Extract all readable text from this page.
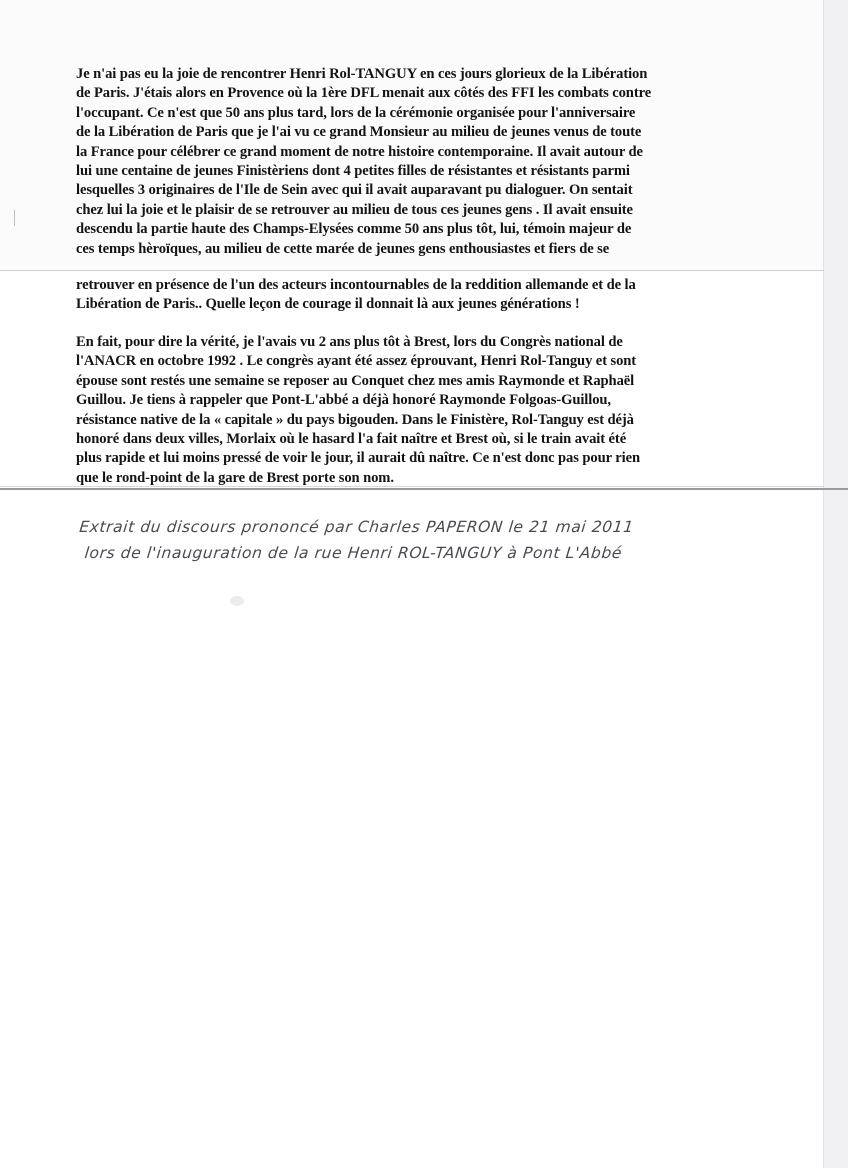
Je n'ai pas eu la joie de rencontrer Henri Rol-TANGUY en ces jours glorieux de la Libération
de Paris. J'étais alors en Provence où la 1ère DFL menait aux côtés des FFI les combats contre
l'occupant. Ce n'est que 50 ans plus tard, lors de la cérémonie organisée pour l'anniversaire
de la Libération de Paris que je l'ai vu ce grand Monsieur au milieu de jeunes venus de toute
la France pour célébrer ce grand moment de notre histoire contemporaine. Il avait autour de
lui une centaine de jeunes Finistèriens dont 4 petites filles de résistantes et résistants parmi
lesquelles 3 originaires de l'Ile de Sein avec qui il avait auparavant pu dialoguer. On sentait
chez lui la joie et le plaisir de se retrouver au milieu de tous ces jeunes gens . Il avait ensuite
descendu la partie haute des Champs-Elysées comme 50 ans plus tôt, lui, témoin majeur de
ces temps hèroïques, au milieu de cette marée de jeunes gens enthousiastes et fiers de se

retrouver en présence de l'un des acteurs incontournables de la reddition allemande et de la
Libération de Paris.. Quelle leçon de courage il donnait là aux jeunes générations !

En fait, pour dire la vérité, je l'avais vu 2 ans plus tôt à Brest, lors du Congrès national de
l'ANACR en octobre 1992 . Le congrès ayant été assez éprouvant, Henri Rol-Tanguy et sont
épouse sont restés une semaine se reposer au Conquet chez mes amis Raymonde et Raphaël
Guillou. Je tiens à rappeler que Pont-L'abbé a déjà honoré Raymonde Folgoas-Guillou,
résistance native de la « capitale » du pays bigouden. Dans le Finistère, Rol-Tanguy est déjà
honoré dans deux villes, Morlaix où le hasard l'a fait naître et Brest où, si le train avait été
plus rapide et lui moins pressé de voir le jour, il aurait dû naître. Ce n'est donc pas pour rien
que le rond-point de la gare de Brest porte son nom.

Extrait du discours prononcé par Charles PAPERON le 21 mai 2011
lors de l'inauguration de la rue Henri ROL-TANGUY à Pont L'Abbé
